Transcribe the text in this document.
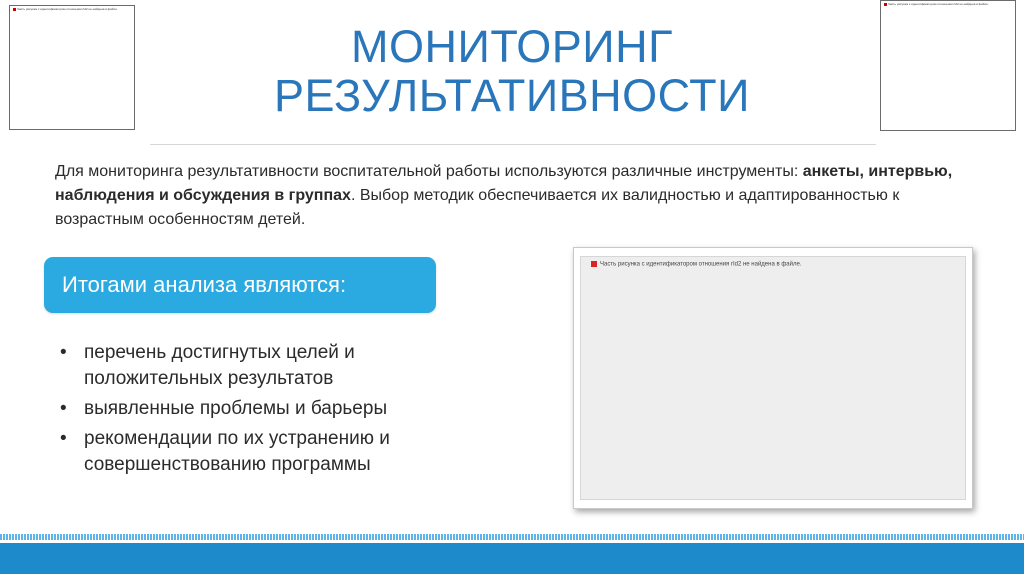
Часть рисунка с идентификатором отношения rId2 не найдена в файле.
Часть рисунка с идентификатором отношения rId2 не найдена в файле.
МОНИТОРИНГ
РЕЗУЛЬТАТИВНОСТИ
Для мониторинга результативности воспитательной работы используются различные инструменты: анкеты, интервью, наблюдения и обсуждения в группах. Выбор методик обеспечивается их валидностью и адаптированностью к возрастным особенностям детей.
Итогами анализа являются:
• перечень достигнутых целей и положительных результатов
• выявленные проблемы и барьеры
• рекомендации по их устранению и совершенствованию программы
Часть рисунка с идентификатором отношения rId2 не найдена в файле.
